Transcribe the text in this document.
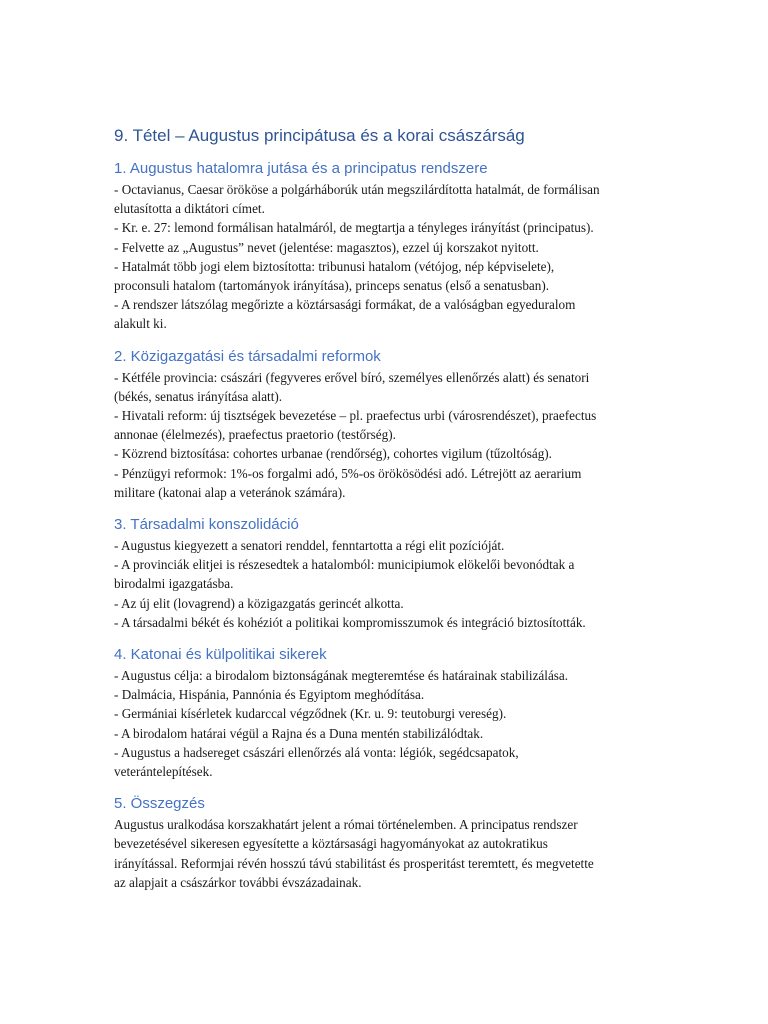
9. Tétel – Augustus principátusa és a korai császárság
1. Augustus hatalomra jutása és a principatus rendszere
- Octavianus, Caesar örököse a polgárháborúk után megszilárdította hatalmát, de formálisan
elutasította a diktátori címet.
- Kr. e. 27: lemond formálisan hatalmáról, de megtartja a tényleges irányítást (principatus).
- Felvette az „Augustus” nevet (jelentése: magasztos), ezzel új korszakot nyitott.
- Hatalmát több jogi elem biztosította: tribunusi hatalom (vétójog, nép képviselete),
proconsuli hatalom (tartományok irányítása), princeps senatus (első a senatusban).
- A rendszer látszólag megőrizte a köztársasági formákat, de a valóságban egyeduralom
alakult ki.
2. Közigazgatási és társadalmi reformok
- Kétféle provincia: császári (fegyveres erővel bíró, személyes ellenőrzés alatt) és senatori
(békés, senatus irányítása alatt).
- Hivatali reform: új tisztségek bevezetése – pl. praefectus urbi (városrendészet), praefectus
annonae (élelmezés), praefectus praetorio (testőrség).
- Közrend biztosítása: cohortes urbanae (rendőrség), cohortes vigilum (tűzoltóság).
- Pénzügyi reformok: 1%-os forgalmi adó, 5%-os örökösödési adó. Létrejött az aerarium
militare (katonai alap a veteránok számára).
3. Társadalmi konszolidáció
- Augustus kiegyezett a senatori renddel, fenntartotta a régi elit pozícióját.
- A provinciák elitjei is részesedtek a hatalomból: municipiumok elökelői bevonódtak a
birodalmi igazgatásba.
- Az új elit (lovagrend) a közigazgatás gerincét alkotta.
- A társadalmi békét és kohéziót a politikai kompromisszumok és integráció biztosították.
4. Katonai és külpolitikai sikerek
- Augustus célja: a birodalom biztonságának megteremtése és határainak stabilizálása.
- Dalmácia, Hispánia, Pannónia és Egyiptom meghódítása.
- Germániai kísérletek kudarccal végződnek (Kr. u. 9: teutoburgi vereség).
- A birodalom határai végül a Rajna és a Duna mentén stabilizálódtak.
- Augustus a hadsereget császári ellenőrzés alá vonta: légiók, segédcsapatok,
veterántelepítések.
5. Összegzés
Augustus uralkodása korszakhatárt jelent a római történelemben. A principatus rendszer
bevezetésével sikeresen egyesítette a köztársasági hagyományokat az autokratikus
irányítással. Reformjai révén hosszú távú stabilitást és prosperitást teremtett, és megvetette
az alapjait a császárkor további évszázadainak.
